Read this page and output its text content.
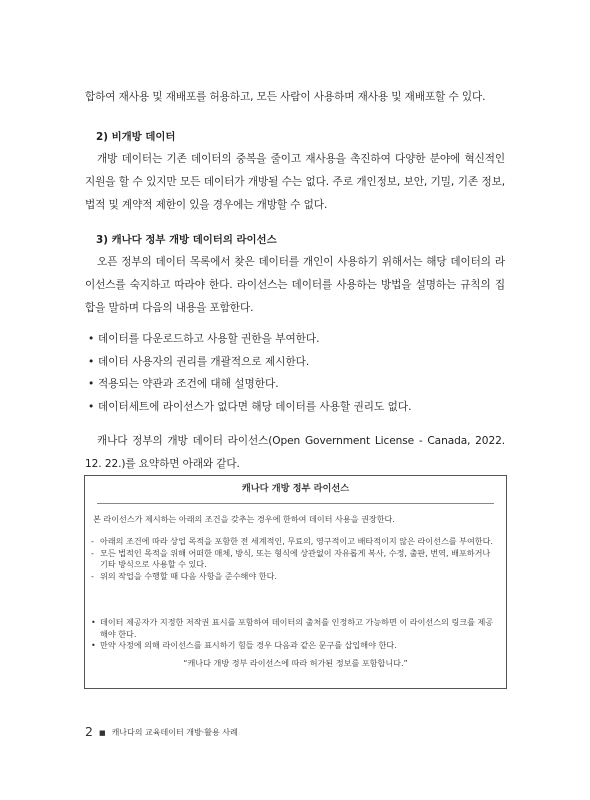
합하여 재사용 및 재배포를 허용하고, 모든 사람이 사용하며 재사용 및 재배포할 수 있다.
2) 비개방 데이터
개방 데이터는 기존 데이터의 중복을 줄이고 재사용을 촉진하여 다양한 분야에 혁신적인 지원을 할 수 있지만 모든 데이터가 개방될 수는 없다. 주로 개인정보, 보안, 기밀, 기존 정보, 법적 및 계약적 제한이 있을 경우에는 개방할 수 없다.
3) 캐나다 정부 개방 데이터의 라이선스
오픈 정부의 데이터 목록에서 찾은 데이터를 개인이 사용하기 위해서는 해당 데이터의 라이선스를 숙지하고 따라야 한다. 라이선스는 데이터를 사용하는 방법을 설명하는 규칙의 집합을 말하며 다음의 내용을 포함한다.
• 데이터를 다운로드하고 사용할 권한을 부여한다.
• 데이터 사용자의 권리를 개괄적으로 제시한다.
• 적용되는 약관과 조건에 대해 설명한다.
• 데이터세트에 라이선스가 없다면 해당 데이터를 사용할 권리도 없다.
캐나다 정부의 개방 데이터 라이선스(Open Government License - Canada, 2022. 12. 22.)를 요약하면 아래와 같다.
캐나다 개방 정부 라이선스
본 라이선스가 제시하는 아래의 조건을 갖추는 경우에 한하여 데이터 사용을 권장한다.
- 아래의 조건에 따라 상업 목적을 포함한 전 세계적인, 무료의, 영구적이고 배타적이지 않은 라이선스를 부여한다.
- 모든 법적인 목적을 위해 어떠한 매체, 방식, 또는 형식에 상관없이 자유롭게 복사, 수정, 출판, 번역, 배포하거나 기타 방식으로 사용할 수 있다.
- 위의 작업을 수행할 때 다음 사항을 준수해야 한다.
• 데이터 제공자가 지정한 저작권 표시를 포함하여 데이터의 출처를 인정하고 가능하면 이 라이선스의 링크를 제공해야 한다.
• 만약 사정에 의해 라이선스를 표시하기 힘들 경우 다음과 같은 문구를 삽입해야 한다.
“캐나다 개방 정부 라이선스에 따라 허가된 정보를 포함합니다.”
2 ■ 캐나다의 교육데이터 개방·활용 사례
